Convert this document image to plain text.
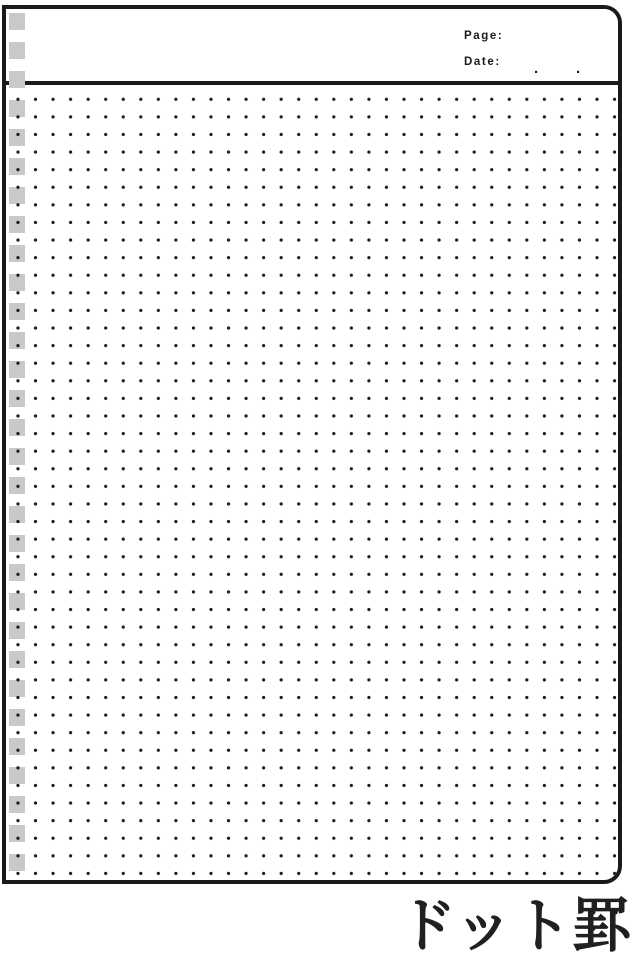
Page:
Date: .	.
ドット罫
